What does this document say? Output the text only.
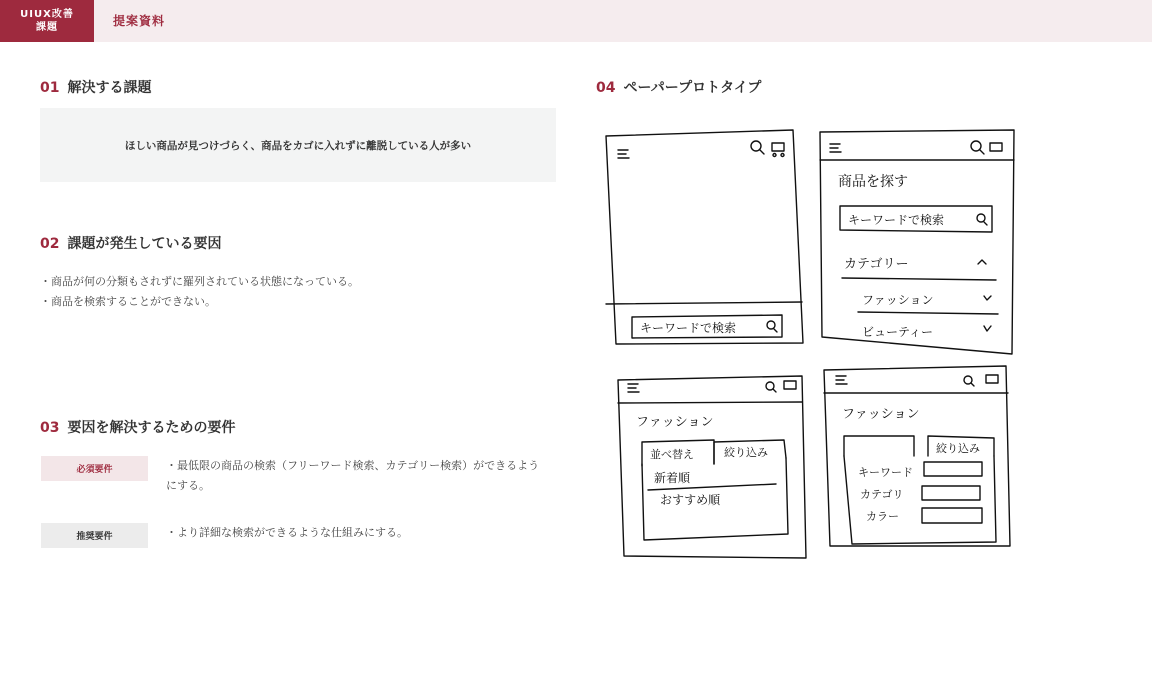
UIUX改善
課題	提案資料
01 解決する課題
ほしい商品が見つけづらく、商品をカゴに入れずに離脱している人が多い
02 課題が発生している要因
・商品が何の分類もされずに羅列されている状態になっている。
・商品を検索することができない。
03 要因を解決するための要件
必須要件	・最低限の商品の検索（フリーワード検索、カテゴリー検索）ができるようにする。
推奨要件	・より詳細な検索ができるような仕組みにする。
04 ペーパープロトタイプ
キーワードで検索
商品を探す
キーワードで検索
カテゴリー
ファッション
ビューティー
ファッション
並べ替え	絞り込み
新着順
おすすめ順
ファッション
絞り込み
キーワード
カテゴリ
カラー
